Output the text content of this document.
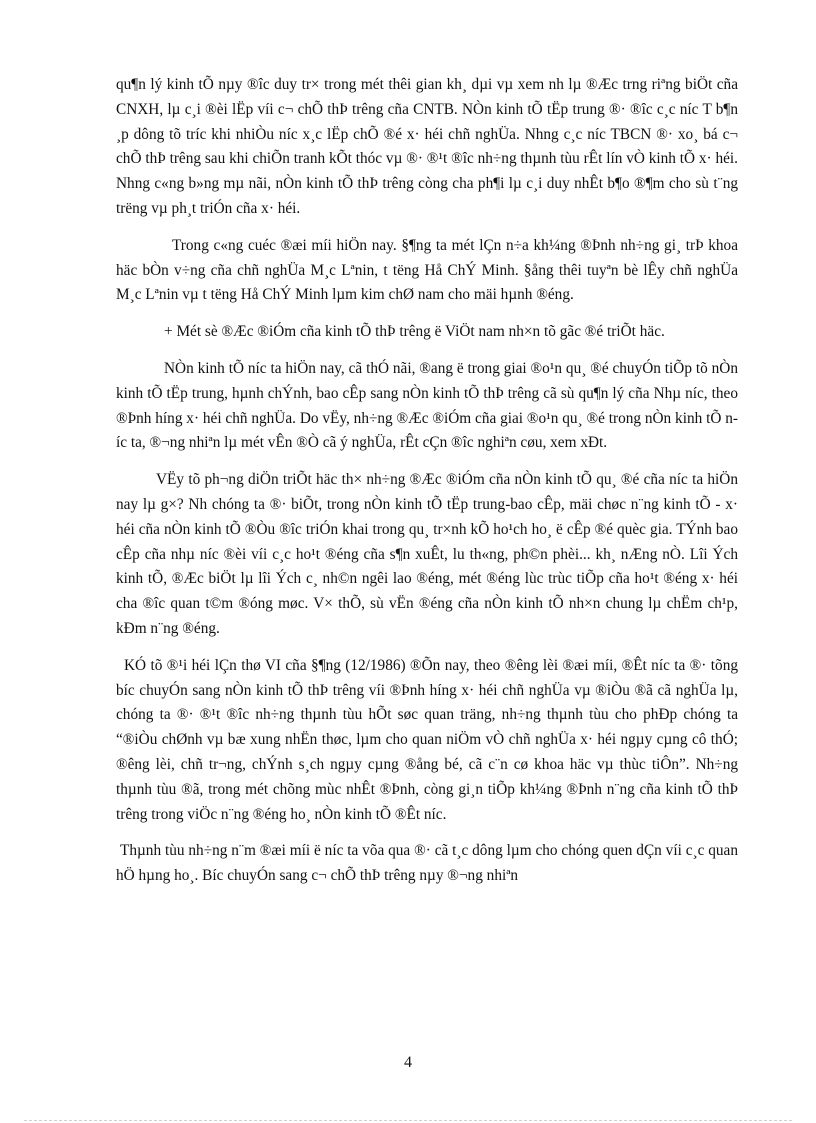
qu¶n lý kinh tÕ nµy ®îc duy tr× trong mét thêi gian kh¸ dµi vµ xem nh lµ ®Æc trng riªng biÖt cña CNXH, lµ c¸i ®èi lËp víi c¬ chÕ thÞ trêng cña CNTB. NÒn kinh tÕ tËp trung ®· ®îc c¸c níc T b¶n ¸p dông tõ tríc khi nhiÒu níc x¸c lËp chÕ ®é x· héi chñ nghÜa. Nhng c¸c níc TBCN ®· xo¸ bá c¬ chÕ thÞ trêng sau khi chiÕn tranh kÕt thóc vµ ®· ®¹t ®îc nh÷ng thµnh tùu rÊt lín vÒ kinh tÕ x· héi. Nhng c«ng b»ng mµ nãi, nÒn kinh tÕ thÞ trêng còng cha ph¶i lµ c¸i duy nhÊt b¶o ®¶m cho sù t¨ng trëng vµ ph¸t triÓn cña x· héi.

Trong c«ng cuéc ®æi míi hiÖn nay. §¶ng ta mét lÇn n÷a kh¼ng ®Þnh nh÷ng gi¸ trÞ khoa häc bÒn v÷ng cña chñ nghÜa M¸c Lªnin, t tëng Hå ChÝ Minh. §ång thêi tuyªn bè lÊy chñ nghÜa M¸c Lªnin vµ t tëng Hå ChÝ Minh lµm kim chØ nam cho mäi hµnh ®éng.

+ Mét sè ®Æc ®iÓm cña kinh tÕ thÞ trêng ë ViÖt nam nh×n tõ gãc ®é triÕt häc.

NÒn kinh tÕ níc ta hiÖn nay, cã thÓ nãi, ®ang ë trong giai ®o¹n qu¸ ®é chuyÓn tiÕp tõ nÒn kinh tÕ tËp trung, hµnh chÝnh, bao cÊp sang nÒn kinh tÕ thÞ trêng cã sù qu¶n lý cña Nhµ níc, theo ®Þnh híng x· héi chñ nghÜa. Do vËy, nh÷ng ®Æc ®iÓm cña giai ®o¹n qu¸ ®é trong nÒn kinh tÕ níc ta, ®¬ng nhiªn lµ mét vÊn ®Ò cã ý nghÜa, rÊt cÇn ®îc nghiªn cøu, xem xÐt.

VËy tõ ph¬ng diÖn triÕt häc th× nh÷ng ®Æc ®iÓm cña nÒn kinh tÕ qu¸ ®é cña níc ta hiÖn nay lµ g×? Nh chóng ta ®· biÕt, trong nÒn kinh tÕ tËp trung-bao cÊp, mäi chøc n¨ng kinh tÕ - x· héi cña nÒn kinh tÕ ®Òu ®îc triÓn khai trong qu¸ tr×nh kÕ ho¹ch ho¸ ë cÊp ®é quèc gia. TÝnh bao cÊp cña nhµ níc ®èi víi c¸c ho¹t ®éng cña s¶n xuÊt, lu th«ng, ph©n phèi... kh¸ nÆng nÒ. Lîi Ých kinh tÕ, ®Æc biÖt lµ lîi Ých c¸ nh©n ngêi lao ®éng, mét ®éng lùc trùc tiÕp cña ho¹t ®éng x· héi cha ®îc quan t©m ®óng møc. V× thÕ, sù vËn ®éng cña nÒn kinh tÕ nh×n chung lµ chËm ch¹p, kÐm n¨ng ®éng.

KÓ tõ ®¹i héi lÇn thø VI cña §¶ng (12/1986) ®Õn nay, theo ®êng lèi ®æi míi, ®Êt níc ta ®· tõng bíc chuyÓn sang nÒn kinh tÕ thÞ trêng víi ®Þnh híng x· héi chñ nghÜa vµ ®iÒu ®ã cã nghÜa lµ, chóng ta ®· ®¹t ®îc nh÷ng thµnh tùu hÕt søc quan träng, nh÷ng thµnh tùu cho phÐp chóng ta “®iÒu chØnh vµ bæ xung nhËn thøc, lµm cho quan niÖm vÒ chñ nghÜa x· héi ngµy cµng cô thÓ; ®êng lèi, chñ tr¬ng, chÝnh s¸ch ngµy cµng ®ång bé, cã c¨n cø khoa häc vµ thùc tiÔn”. Nh÷ng thµnh tùu ®ã, trong mét chõng mùc nhÊt ®Þnh, còng gi¸n tiÕp kh¼ng ®Þnh n¨ng cña kinh tÕ thÞ trêng trong viÖc n¨ng ®éng ho¸ nÒn kinh tÕ ®Êt níc.

Thµnh tùu nh÷ng n¨m ®æi míi ë níc ta võa qua ®· cã t¸c dông lµm cho chóng quen dÇn víi c¸c quan hÖ hµng ho¸. Bíc chuyÓn sang c¬ chÕ thÞ trêng nµy ®¬ng nhiªn

4
